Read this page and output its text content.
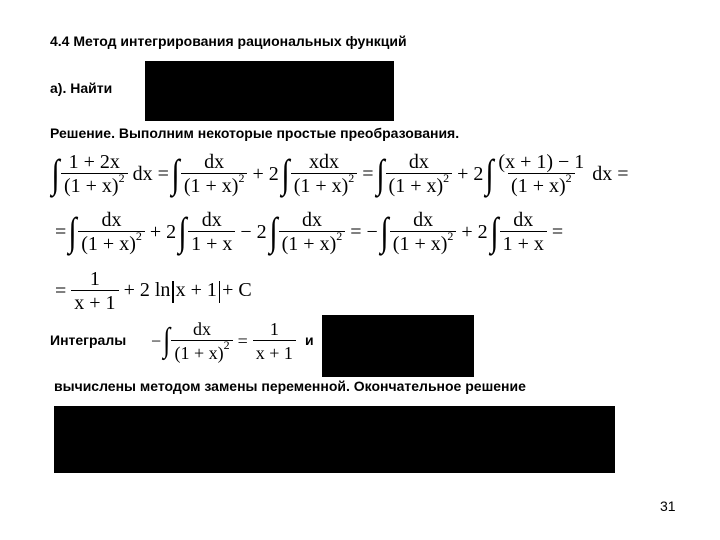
4.4 Метод интегрирования рациональных функций

а). Найти

Решение. Выполним некоторые простые преобразования.

∫ $\frac{1 + 2x}{(1 + x)^2}$ dx = ∫ $\frac{dx}{(1 + x)^2} + 2$ ∫ $\frac{\text{xdx}}{(1 + x)^2}$ = ∫ $\frac{dx}{(1 + x)^2} + 2$ ∫ $\frac{(x + 1) - 1}{(1 + x)^2}$ dx =
= ∫ $\frac{dx}{(1 + x)^2} + 2$ ∫ $\frac{dx}{1 + x} - 2$ ∫ $\frac{dx}{(1 + x)^2}$ = − ∫ $\frac{dx}{(1 + x)^2} + 2$ ∫ $\frac{dx}{1 + x}$ =
= $\frac{1}{x + 1} + 2$ ln x + 1 + C

Интегралы − ∫ $\frac{dx}{(1 + x)^2} = \frac{1}{x + 1}$ и

вычислены методом замены переменной. Окончательное решение

31
